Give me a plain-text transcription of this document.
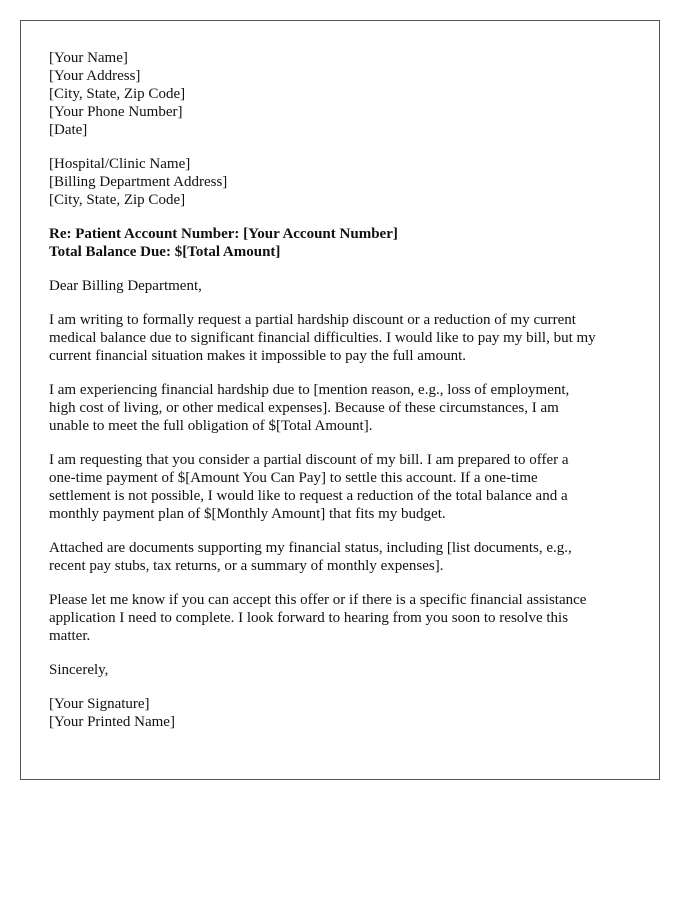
[Your Name]
[Your Address]
[City, State, Zip Code]
[Your Phone Number]
[Date]
[Hospital/Clinic Name]
[Billing Department Address]
[City, State, Zip Code]
Re: Patient Account Number: [Your Account Number]
Total Balance Due: $[Total Amount]
Dear Billing Department,
I am writing to formally request a partial hardship discount or a reduction of my current
medical balance due to significant financial difficulties. I would like to pay my bill, but my
current financial situation makes it impossible to pay the full amount.
I am experiencing financial hardship due to [mention reason, e.g., loss of employment,
high cost of living, or other medical expenses]. Because of these circumstances, I am
unable to meet the full obligation of $[Total Amount].
I am requesting that you consider a partial discount of my bill. I am prepared to offer a
one-time payment of $[Amount You Can Pay] to settle this account. If a one-time
settlement is not possible, I would like to request a reduction of the total balance and a
monthly payment plan of $[Monthly Amount] that fits my budget.
Attached are documents supporting my financial status, including [list documents, e.g.,
recent pay stubs, tax returns, or a summary of monthly expenses].
Please let me know if you can accept this offer or if there is a specific financial assistance
application I need to complete. I look forward to hearing from you soon to resolve this
matter.
Sincerely,
[Your Signature]
[Your Printed Name]
